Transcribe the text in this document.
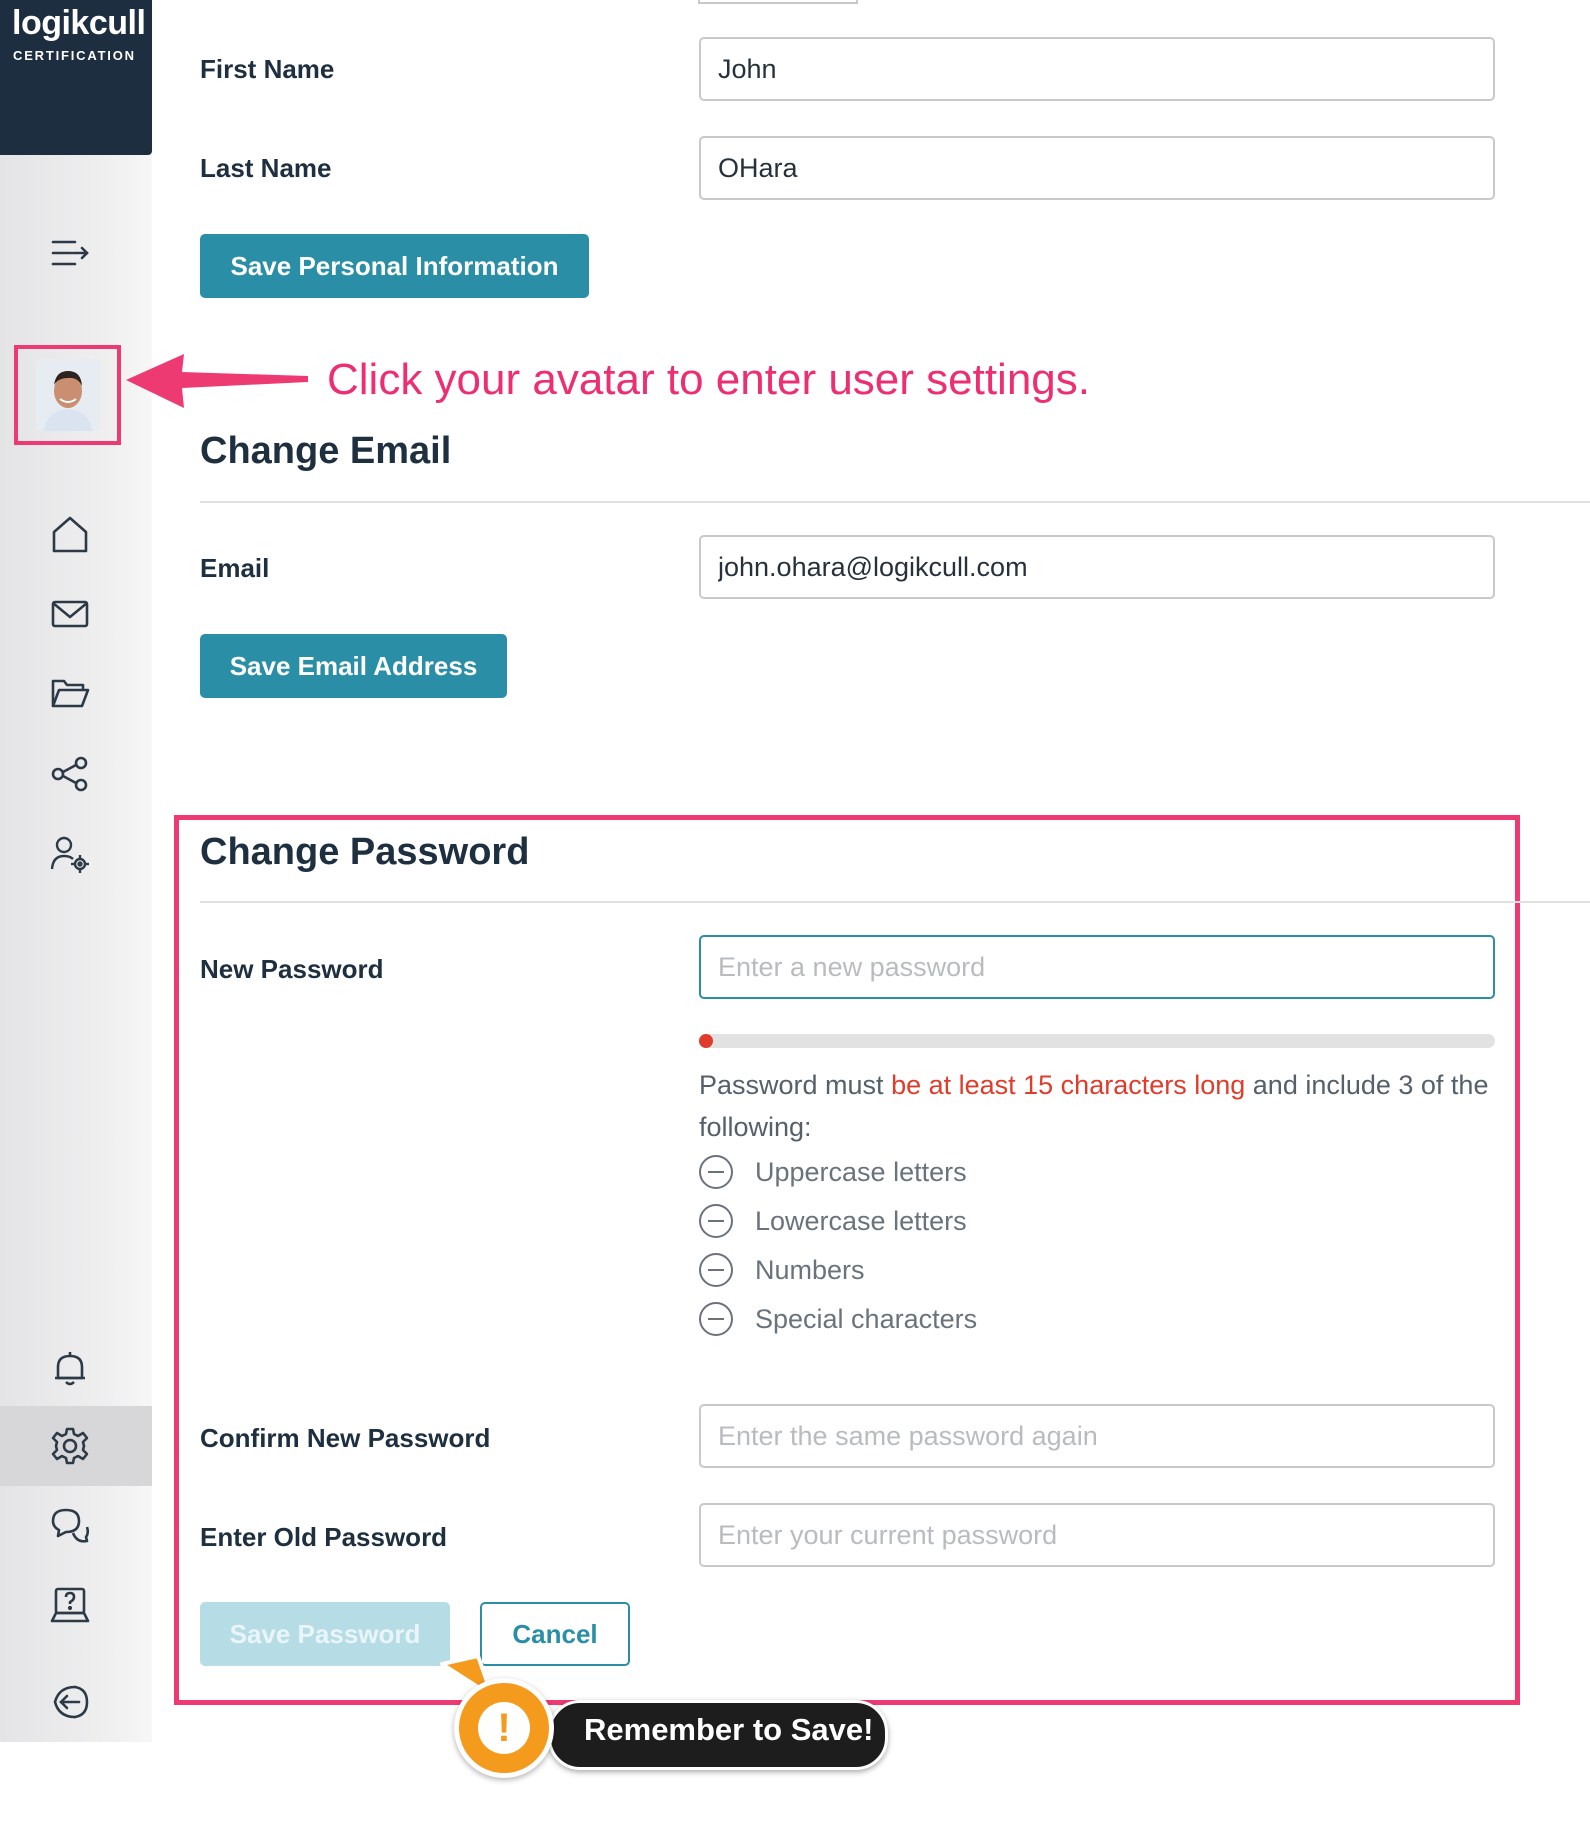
logikcull
CERTIFICATION First Name
John
Last Name
OHara
Save Personal Information
Click your avatar to enter user settings.
Change Email
Email
john.ohara@logikcull.com
Save Email Address
Change Password
New Password
Password must be at least 15 characters long and include 3 of the following:
Uppercase letters
Lowercase letters
Numbers
Special characters
Confirm New Password
Enter Old Password
Save Password	Cancel
Remember to Save!
!
